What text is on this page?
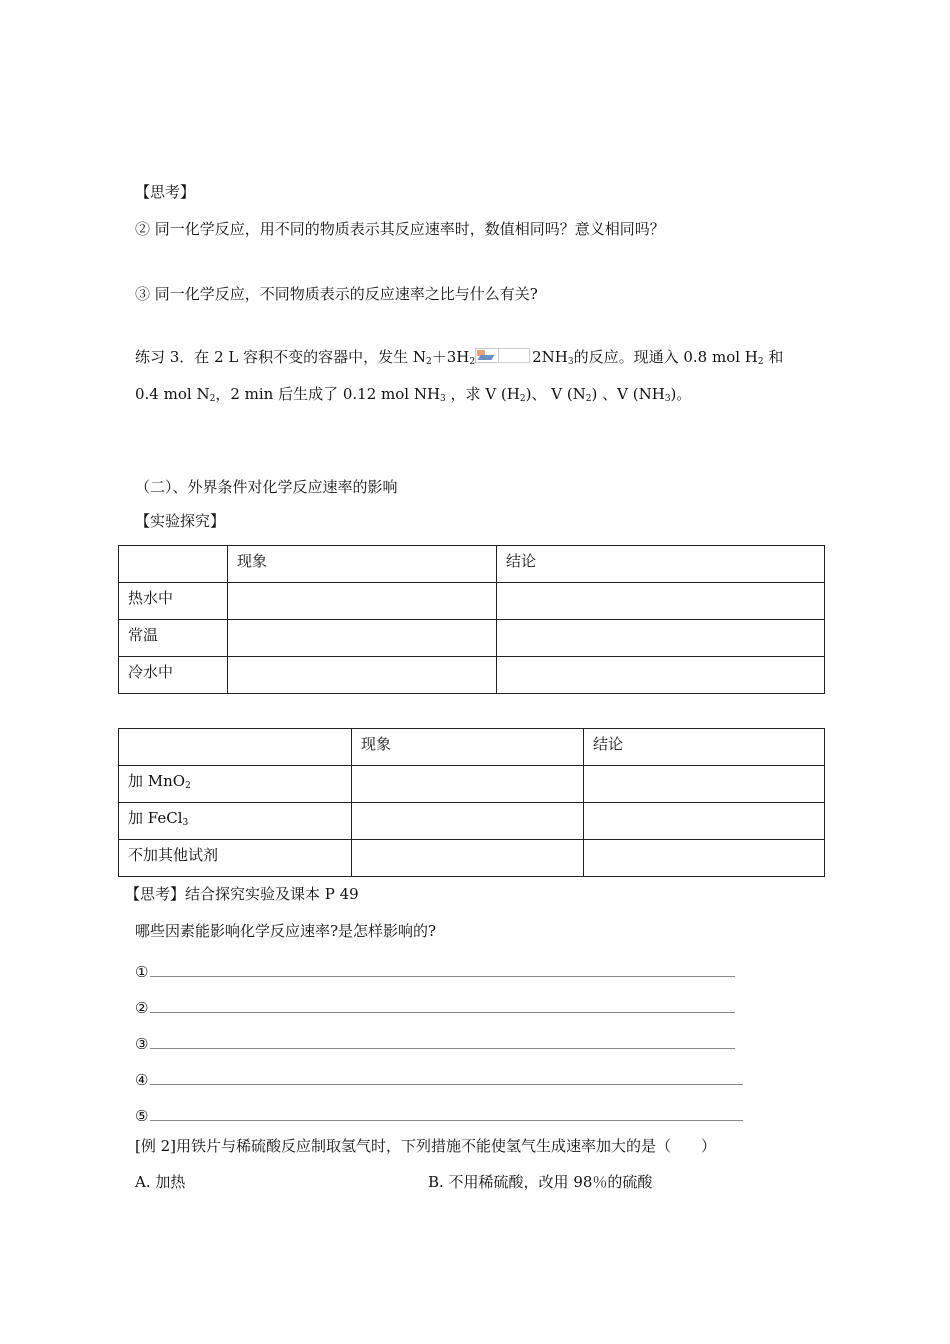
【思考】
② 同一化学反应，用不同的物质表示其反应速率时，数值相同吗？意义相同吗？
③ 同一化学反应，不同物质表示的反应速率之比与什么有关?
练习 3．在 2 L 容积不变的容器中，发生 $N_2+3H_2$	$2NH_3$的反应。现通入 0.8 mol $H_2$ 和
0.4 mol $N_2$，2 min 后生成了 0.12 mol $NH_3$ ，求 V $(H_2)$、 V $(N_2)$ 、V $(NH_3)$。
（二）、外界条件对化学反应速率的影响
【实验探究】
	现象	结论
热水中		
常温		
冷水中		
	现象	结论
加 MnO$_2$		
加 FeCl$_3$		
不加其他试剂		
【思考】结合探究实验及课本 P 49
哪些因素能影响化学反应速率?是怎样影响的?
①
②
③
④
⑤
[例 2]用铁片与稀硫酸反应制取氢气时，下列措施不能使氢气生成速率加大的是（　　）
A. 加热	B. 不用稀硫酸，改用 98％的硫酸
